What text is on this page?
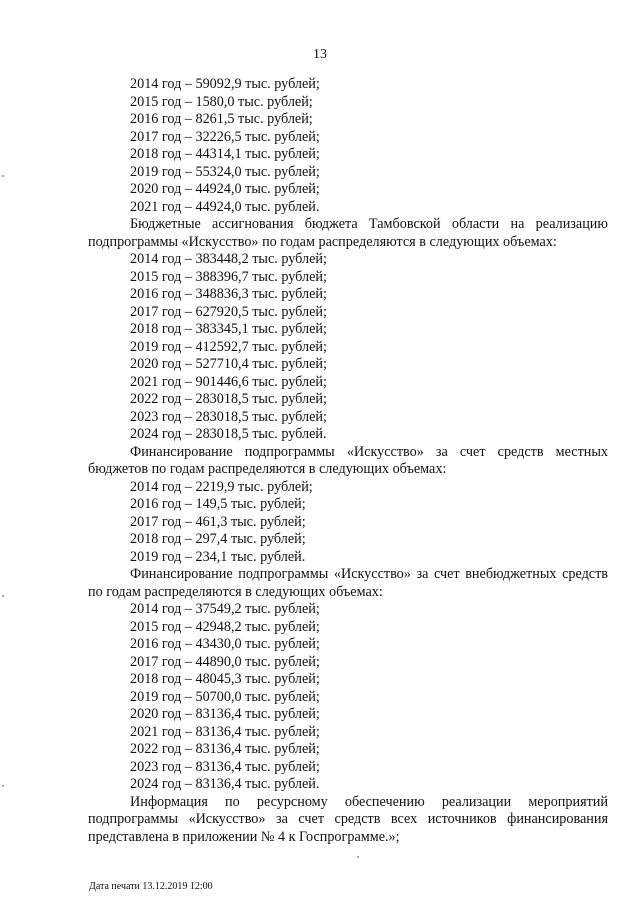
13

2014 год – 59092,9 тыс. рублей;

2015 год – 1580,0 тыс. рублей;

2016 год – 8261,5 тыс. рублей;

2017 год – 32226,5 тыс. рублей;

2018 год – 44314,1 тыс. рублей;

2019 год – 55324,0 тыс. рублей;

2020 год – 44924,0 тыс. рублей;

2021 год – 44924,0 тыс. рублей.

Бюджетные ассигнования бюджета Тамбовской области на реализацию подпрограммы «Искусство» по годам распределяются в следующих объемах:

2014 год – 383448,2 тыс. рублей;

2015 год – 388396,7 тыс. рублей;

2016 год – 348836,3 тыс. рублей;

2017 год – 627920,5 тыс. рублей;

2018 год – 383345,1 тыс. рублей;

2019 год – 412592,7 тыс. рублей;

2020 год – 527710,4 тыс. рублей;

2021 год – 901446,6 тыс. рублей;

2022 год – 283018,5 тыс. рублей;

2023 год – 283018,5 тыс. рублей;

2024 год – 283018,5 тыс. рублей.

Финансирование подпрограммы «Искусство» за счет средств местных бюджетов по годам распределяются в следующих объемах:

2014 год – 2219,9 тыс. рублей;

2016 год – 149,5 тыс. рублей;

2017 год – 461,3 тыс. рублей;

2018 год – 297,4 тыс. рублей;

2019 год – 234,1 тыс. рублей.

Финансирование подпрограммы «Искусство» за счет внебюджетных средств по годам распределяются в следующих объемах:

2014 год – 37549,2 тыс. рублей;

2015 год – 42948,2 тыс. рублей;

2016 год – 43430,0 тыс. рублей;

2017 год – 44890,0 тыс. рублей;

2018 год – 48045,3 тыс. рублей;

2019 год – 50700,0 тыс. рублей;

2020 год – 83136,4 тыс. рублей;

2021 год – 83136,4 тыс. рублей;

2022 год – 83136,4 тыс. рублей;

2023 год – 83136,4 тыс. рублей;

2024 год – 83136,4 тыс. рублей.

Информация по ресурсному обеспечению реализации мероприятий подпрограммы «Искусство» за счет средств всех источников финансирования представлена в приложении № 4 к Госпрограмме.»;

Дата печати 13.12.2019 12:00
